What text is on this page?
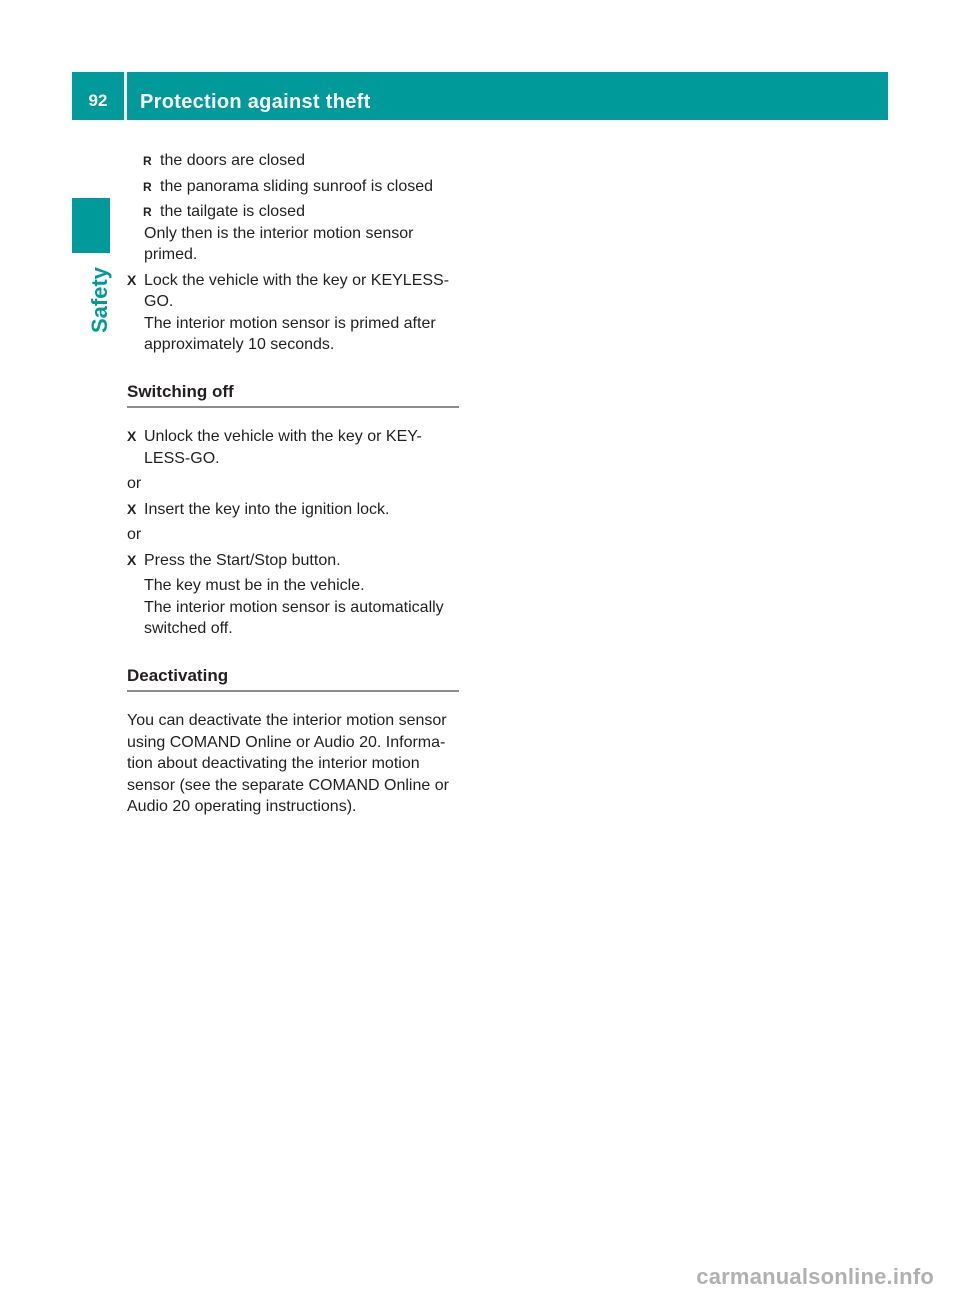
92	Protection against theft
Safety
R the doors are closed
R the panorama sliding sunroof is closed
R the tailgate is closed
Only then is the interior motion sensor primed.
X Lock the vehicle with the key or KEYLESS-GO.
The interior motion sensor is primed after approximately 10 seconds.
Switching off
X Unlock the vehicle with the key or KEY-LESS-GO.
or
X Insert the key into the ignition lock.
or
X Press the Start/Stop button.
The key must be in the vehicle.
The interior motion sensor is automatically switched off.
Deactivating
You can deactivate the interior motion sensor using COMAND Online or Audio 20. Informa-tion about deactivating the interior motion sensor (see the separate COMAND Online or Audio 20 operating instructions).
carmanualsonline.info
